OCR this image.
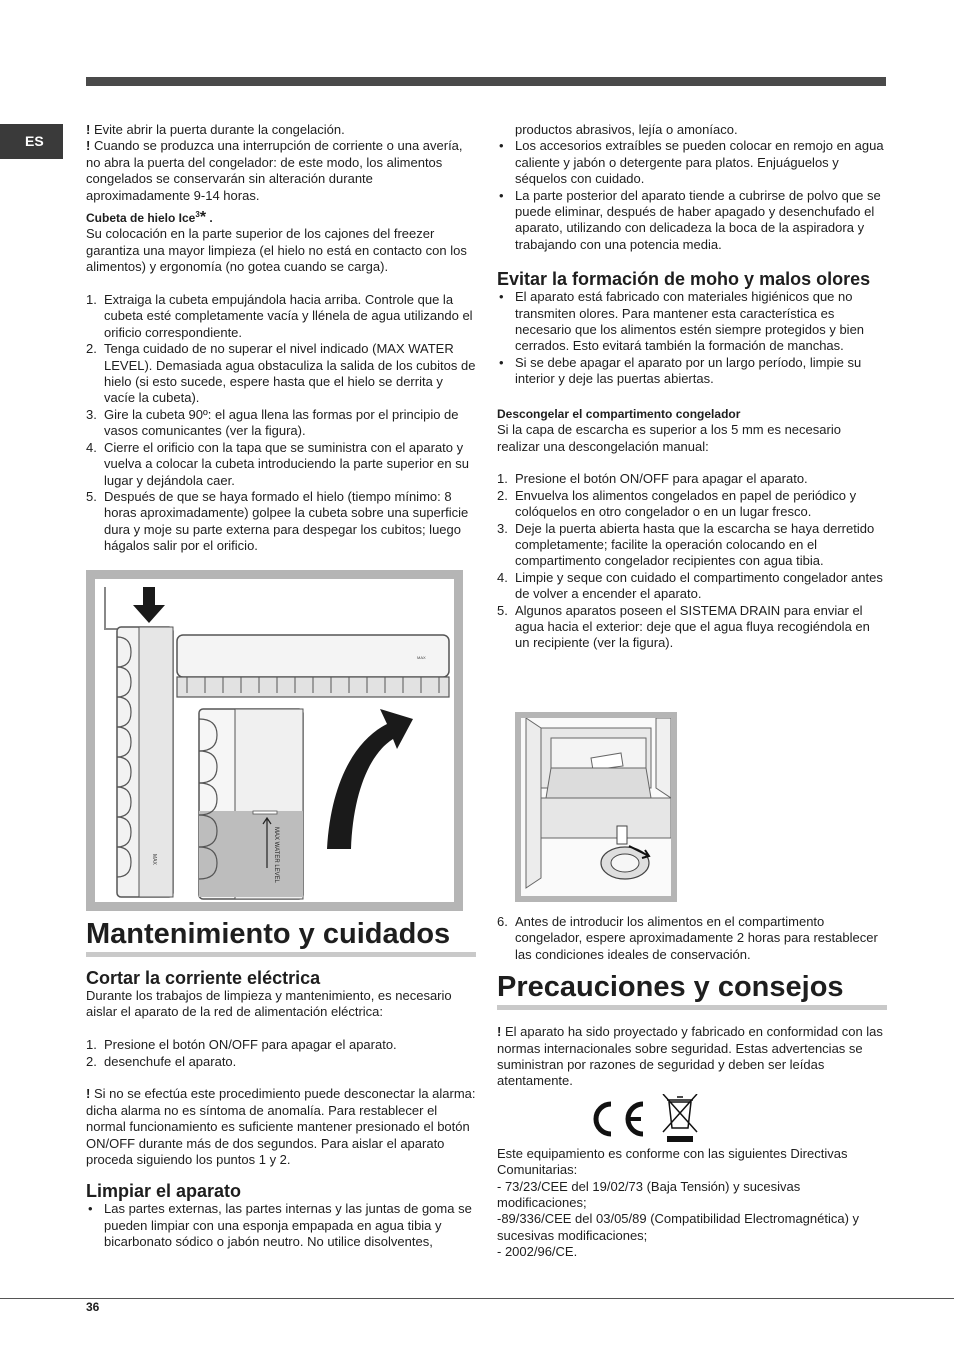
ES

! Evite abrir la puerta durante la congelación.

! Cuando se produzca una interrupción de corriente o una avería, no abra la puerta del congelador: de este modo, los alimentos congelados se conservarán sin alteración durante aproximadamente 9-14 horas.

Cubeta de hielo Ice$^3$* .

Su colocación en la parte superior de los cajones del freezer garantiza una mayor limpieza (el hielo no está en contacto con los alimentos) y ergonomía (no gotea cuando se carga).

1. Extraiga la cubeta empujándola hacia arriba. Controle que la cubeta esté completamente vacía y llénela de agua utilizando el orificio correspondiente.
2. Tenga cuidado de no superar el nivel indicado (MAX WATER LEVEL). Demasiada agua obstaculiza la salida de los cubitos de hielo (si esto sucede, espere hasta que el hielo se derrita y vacíe la cubeta).
3. Gire la cubeta 90º: el agua llena las formas por el principio de vasos comunicantes (ver la figura).
4. Cierre el orificio con la tapa que se suministra con el aparato y vuelva a colocar la cubeta introduciendo la parte superior en su lugar y dejándola caer.
5. Después de que se haya formado el hielo (tiempo mínimo: 8 horas aproximadamente) golpee la cubeta sobre una superficie dura y moje su parte externa para despegar los cubitos; luego hágalos salir por el orificio.
MAX
MAX
MAX WATER LEVEL
Mantenimiento y cuidados
Cortar la corriente eléctrica

Durante los trabajos de limpieza y mantenimiento, es necesario aislar el aparato de la red de alimentación eléctrica:

1. Presione el botón ON/OFF para apagar el aparato.
2. desenchufe el aparato.

! Si no se efectúa este procedimiento puede desconectar la alarma: dicha alarma no es síntoma de anomalía. Para restablecer el normal funcionamiento es suficiente mantener presionado el botón ON/OFF durante más de dos segundos. Para aislar el aparato proceda siguiendo los puntos 1 y 2.

Limpiar el aparato
• Las partes externas, las partes internas y las juntas de goma se pueden limpiar con una esponja empapada en agua tibia y bicarbonato sódico o jabón neutro. No utilice disolventes,

productos abrasivos, lejía o amoníaco.

• Los accesorios extraíbles se pueden colocar en remojo en agua caliente y jabón o detergente para platos. Enjuáguelos y séquelos con cuidado.
• La parte posterior del aparato tiende a cubrirse de polvo que se puede eliminar, después de haber apagado y desenchufado el aparato, utilizando con delicadeza la boca de la aspiradora y trabajando con una potencia media.
Evitar la formación de moho y malos olores
• El aparato está fabricado con materiales higiénicos que no transmiten olores. Para mantener esta característica es necesario que los alimentos estén siempre protegidos y bien cerrados. Esto evitará también la formación de manchas.
• Si se debe apagar el aparato por un largo período, limpie su interior y deje las puertas abiertas.

Descongelar el compartimento congelador

Si la capa de escarcha es superior a los 5 mm es necesario realizar una descongelación manual:

1. Presione el botón ON/OFF para apagar el aparato.
2. Envuelva los alimentos congelados en papel de periódico y colóquelos en otro congelador o en un lugar fresco.
3. Deje la puerta abierta hasta que la escarcha se haya derretido completamente; facilite la operación colocando en el compartimento congelador recipientes con agua tibia.
4. Limpie y seque con cuidado el compartimento congelador antes de volver a encender el aparato.
5. Algunos aparatos poseen el SISTEMA DRAIN para enviar el agua hacia el exterior: deje que el agua fluya recogiéndola en un recipiente (ver la figura).
6. Antes de introducir los alimentos en el compartimento congelador, espere aproximadamente 2 horas para restablecer las condiciones ideales de conservación.
Precauciones y consejos

! El aparato ha sido proyectado y fabricado en conformidad con las normas internacionales sobre seguridad. Estas advertencias se suministran por razones de seguridad y deben ser leídas atentamente.

Este equipamiento es conforme con las siguientes Directivas Comunitarias:

- 73/23/CEE del 19/02/73 (Baja Tensión) y sucesivas modificaciones;

-89/336/CEE del 03/05/89 (Compatibilidad Electromagnética) y sucesivas modificaciones;

- 2002/96/CE.

36
